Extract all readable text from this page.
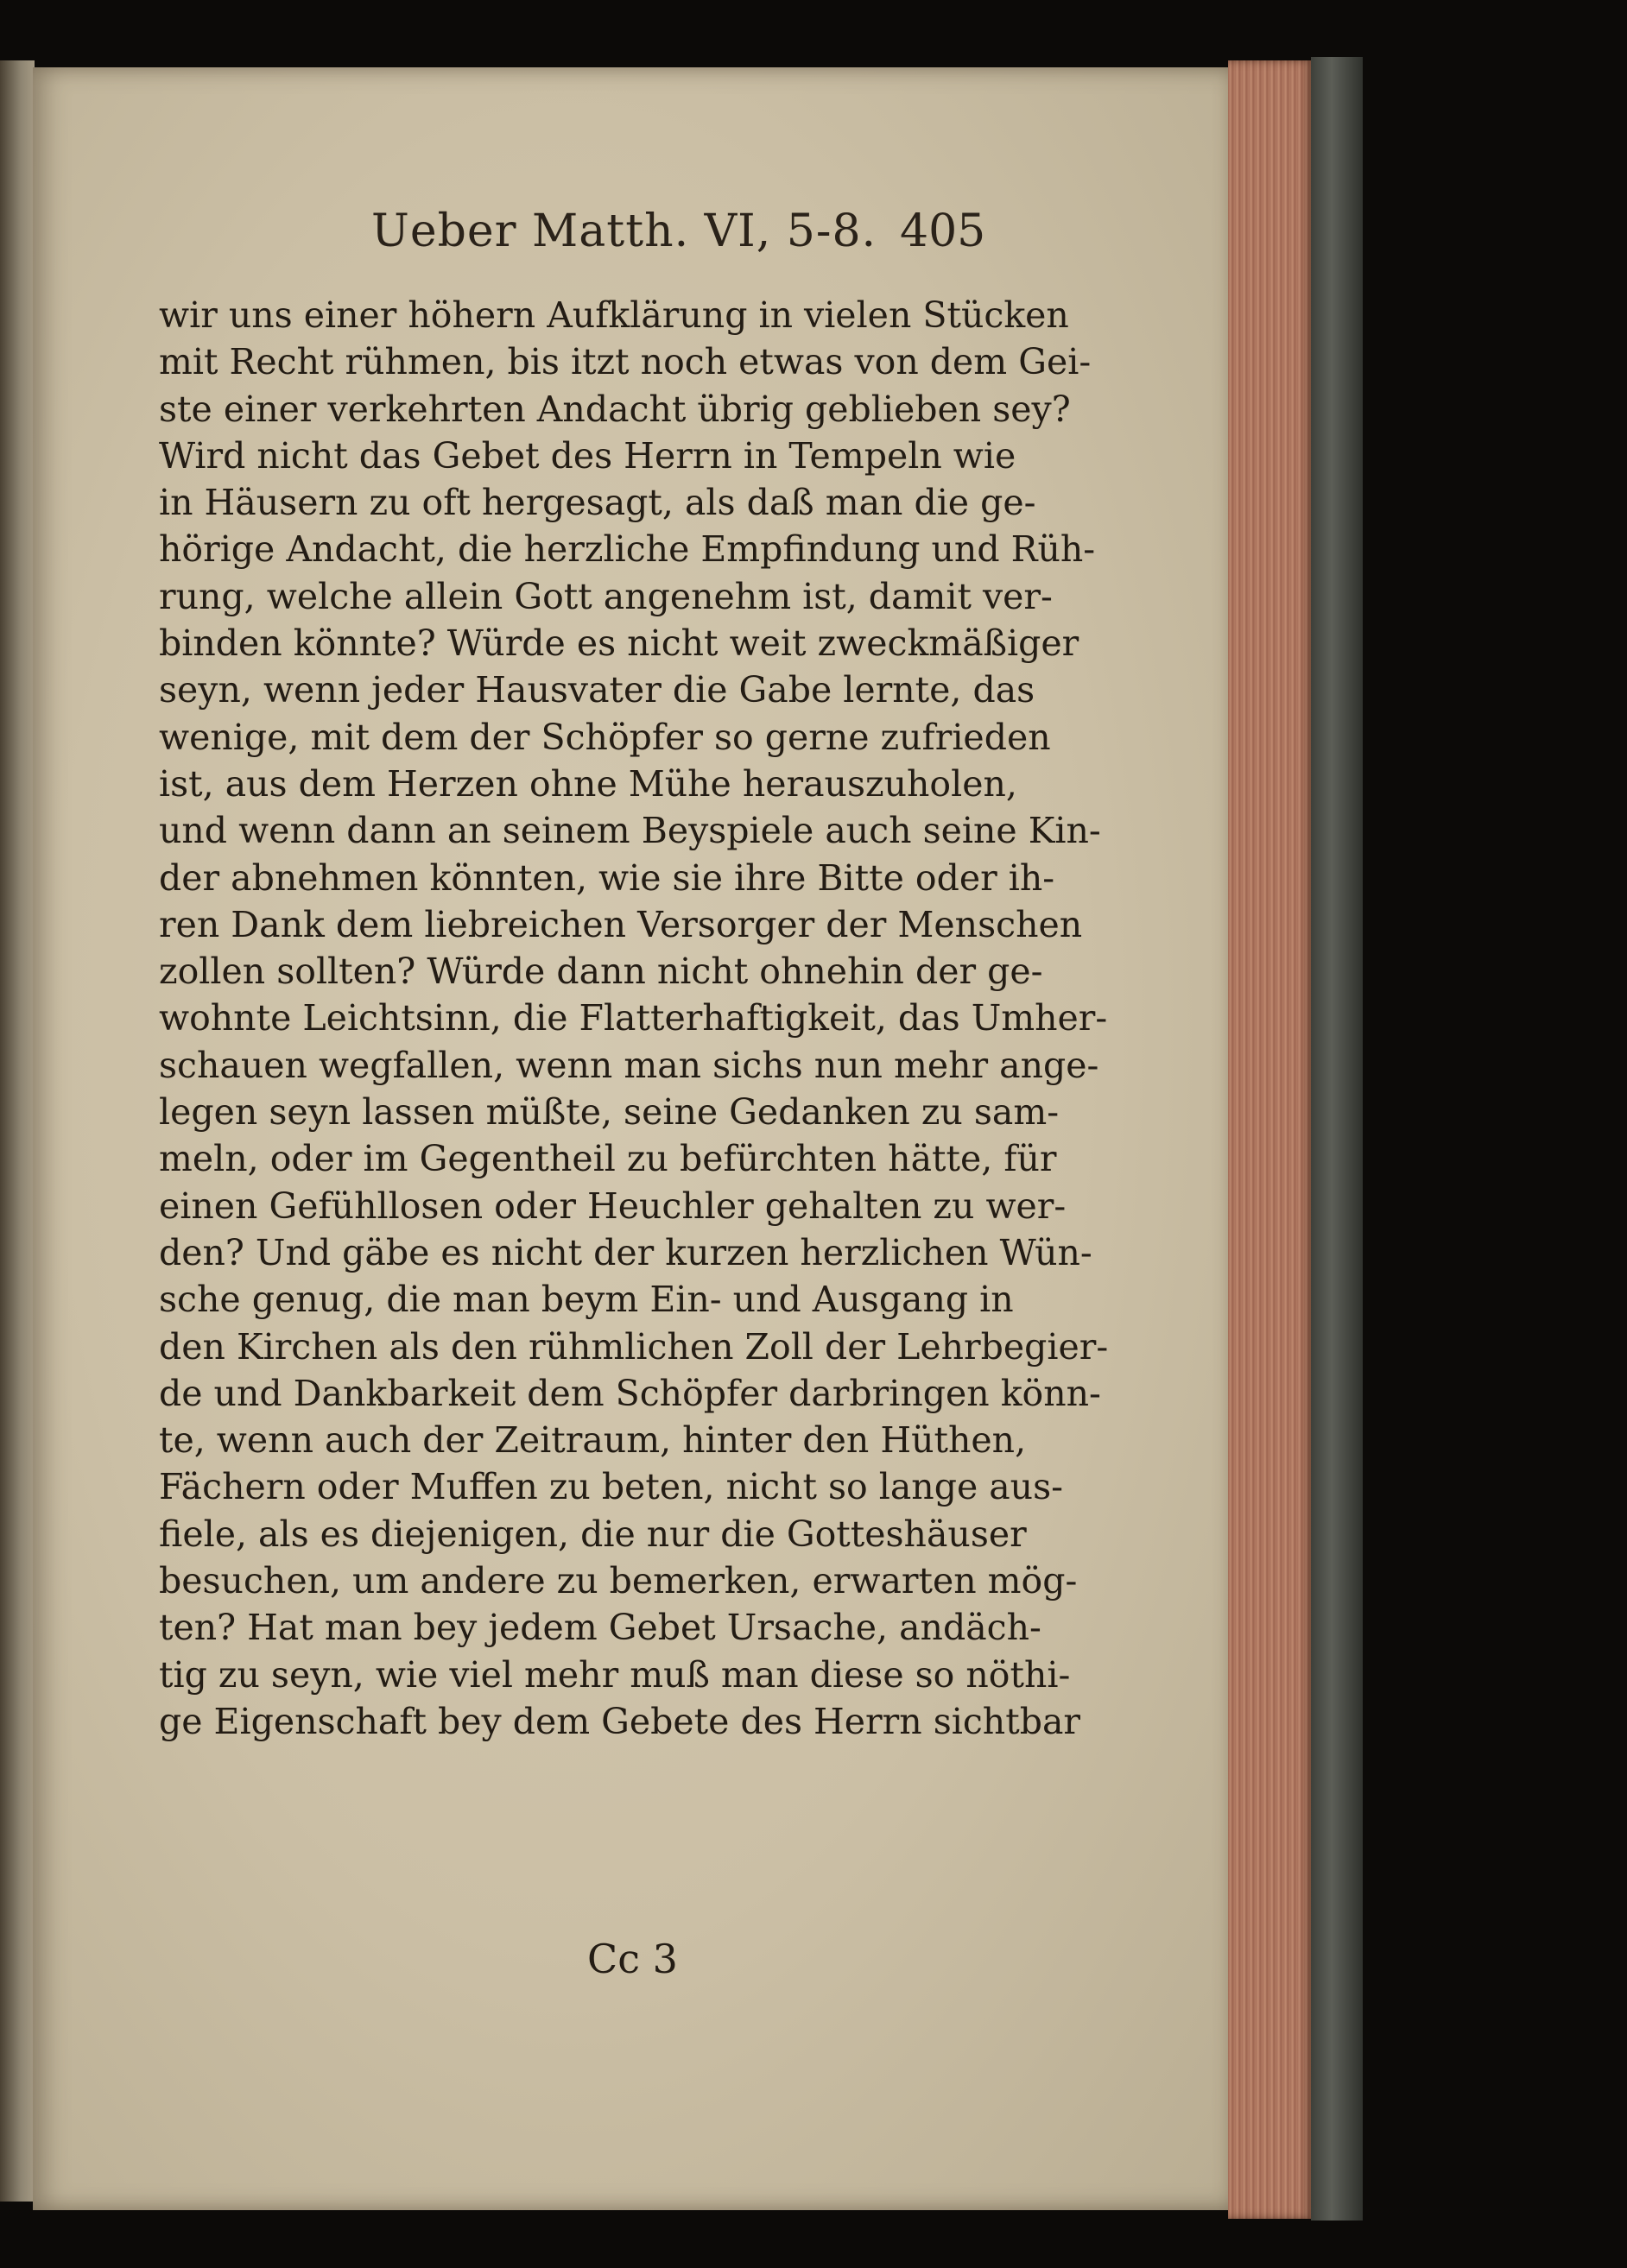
Ueber Matth. VI, 5-8. 405
wir uns einer höhern Aufklärung in vielen Stücken
mit Recht rühmen, bis itzt noch etwas von dem Gei-
ste einer verkehrten Andacht übrig geblieben sey?
Wird nicht das Gebet des Herrn in Tempeln wie
in Häusern zu oft hergesagt, als daß man die ge-
hörige Andacht, die herzliche Empfindung und Rüh-
rung, welche allein Gott angenehm ist, damit ver-
binden könnte? Würde es nicht weit zweckmäßiger
seyn, wenn jeder Hausvater die Gabe lernte, das
wenige, mit dem der Schöpfer so gerne zufrieden
ist, aus dem Herzen ohne Mühe herauszuholen,
und wenn dann an seinem Beyspiele auch seine Kin-
der abnehmen könnten, wie sie ihre Bitte oder ih-
ren Dank dem liebreichen Versorger der Menschen
zollen sollten? Würde dann nicht ohnehin der ge-
wohnte Leichtsinn, die Flatterhaftigkeit, das Umher-
schauen wegfallen, wenn man sichs nun mehr ange-
legen seyn lassen müßte, seine Gedanken zu sam-
meln, oder im Gegentheil zu befürchten hätte, für
einen Gefühllosen oder Heuchler gehalten zu wer-
den? Und gäbe es nicht der kurzen herzlichen Wün-
sche genug, die man beym Ein- und Ausgang in
den Kirchen als den rühmlichen Zoll der Lehrbegier-
de und Dankbarkeit dem Schöpfer darbringen könn-
te, wenn auch der Zeitraum, hinter den Hüthen,
Fächern oder Muffen zu beten, nicht so lange aus-
fiele, als es diejenigen, die nur die Gotteshäuser
besuchen, um andere zu bemerken, erwarten mög-
ten? Hat man bey jedem Gebet Ursache, andäch-
tig zu seyn, wie viel mehr muß man diese so nöthi-
ge Eigenschaft bey dem Gebete des Herrn sichtbar
Cc 3
